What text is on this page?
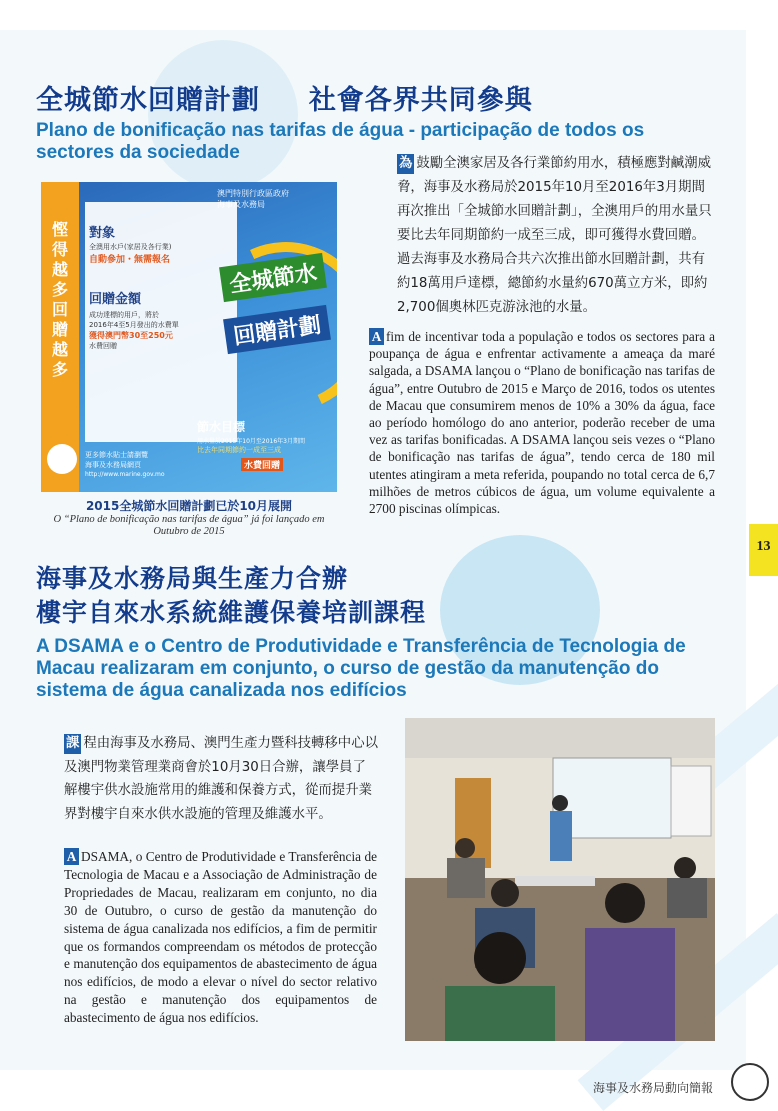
全城節水回贈計劃 社會各界共同參與
Plano de bonificação nas tarifas de água - participação de todos os sectores da sociedade
為 鼓勵全澳家居及各行業節約用水，積極應對鹹潮威脅，海事及水務局於2015年10月至2016年3月期間再次推出「全城節水回贈計劃」，全澳用戶的用水量只要比去年同期節約一成至三成，即可獲得水費回贈。過去海事及水務局合共六次推出節水回贈計劃，共有約18萬用戶達標，總節約水量約670萬立方米，即約2,700個奧林匹克游泳池的水量。
A fim de incentivar toda a população e todos os sectores para a poupança de água e enfrentar activamente a ameaça da maré salgada, a DSAMA lançou o “Plano de bonificação nas tarifas de água”, entre Outubro de 2015 e Março de 2016, todos os utentes de Macau que consumirem menos de 10% a 30% da água, face ao período homólogo do ano anterior, poderão receber de uma vez as tarifas bonificadas. A DSAMA lançou seis vezes o “Plano de bonificação nas tarifas de água”, tendo cerca de 180 mil utentes atingiram a meta referida, poupando no total cerca de 6,7 milhões de metros cúbicos de água, um volume equivalente a 2700 piscinas olímpicas.
慳得越多回贈越多
澳門特別行政區政府
海事及水務局
對象
全澳用水戶(家居及各行業)
自動參加・無需報名
回贈金額
成功達標的用戶，將於
2016年4至5月發出的水費單
獲得澳門幣30至250元
水費回贈
全城節水
回贈計劃
節水目標
用水量於2015年10月至2016年3月期間
比去年同期節約一成至三成
水費回贈
更多節水貼士請瀏覽
海事及水務局網頁
http://www.marine.gov.mo
2015全城節水回贈計劃已於10月展開
O “Plano de bonificação nas tarifas de água” já foi lançado em Outubro de 2015
13
海事及水務局與生產力合辦
樓宇自來水系統維護保養培訓課程
A DSAMA e o Centro de Produtividade e Transferência de Tecnologia de Macau realizaram em conjunto, o curso de gestão da manutenção do sistema de água canalizada nos edifícios
課 程由海事及水務局、澳門生產力暨科技轉移中心以及澳門物業管理業商會於10月30日合辦，讓學員了解樓宇供水設施常用的維護和保養方式，從而提升業界對樓宇自來水供水設施的管理及維護水平。
A DSAMA, o Centro de Produtividade e Transferência de Tecnologia de Macau e a Associação de Administração de Propriedades de Macau, realizaram em conjunto, no dia 30 de Outubro, o curso de gestão da manutenção do sistema de água canalizada nos edifícios, a fim de permitir que os formandos compreendam os métodos de protecção e manutenção dos equipamentos de abastecimento de água nos edifícios, de modo a elevar o nível do sector relativo na gestão e manutenção dos equipamentos de abastecimento de água nos edifícios.
海事及水務局動向簡報
